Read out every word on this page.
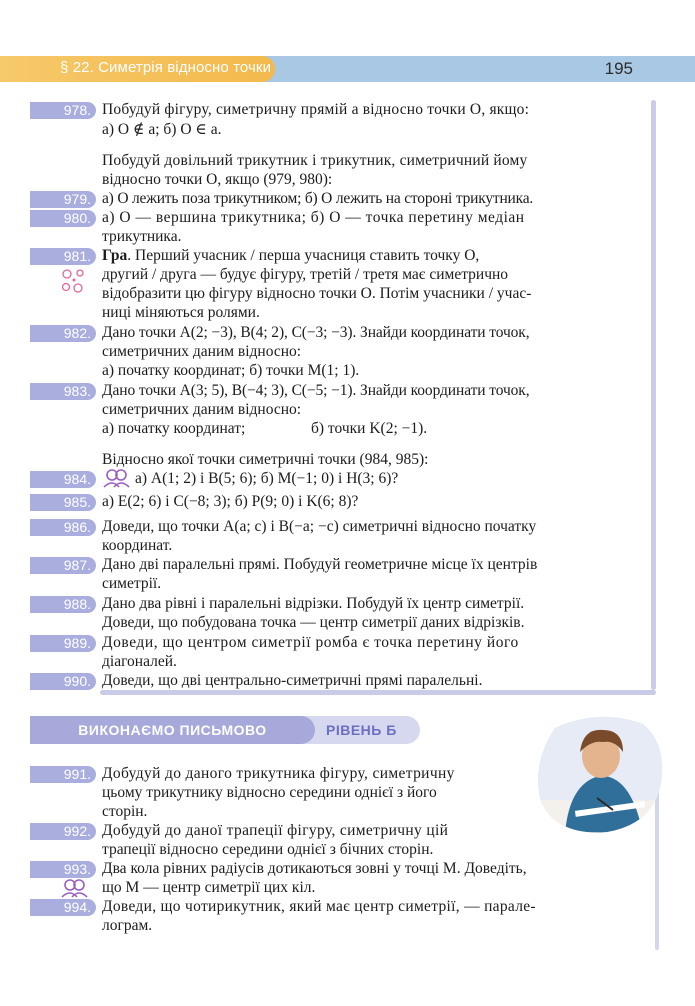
§ 22. Симетрія відносно точки	195
978. Побудуй фігуру, симетричну прямій a відносно точки O, якщо:
а) O ∉ a; б) O ∈ a.
Побудуй довільний трикутник і трикутник, симетричний йому
відносно точки O, якщо (979, 980):
979. а) O лежить поза трикутником; б) O лежить на стороні трикутника.
980. а) O — вершина трикутника; б) O — точка перетину медіан
трикутника.
981. Гра. Перший учасник / перша учасниця ставить точку O,
другий / друга — будує фігуру, третій / третя має симетрично
відобразити цю фігуру відносно точки O. Потім учасники / учас-
ниці міняються ролями.
982. Дано точки A(2; −3), B(4; 2), C(−3; −3). Знайди координати точок,
симетричних даним відносно:
а) початку координат; б) точки M(1; 1).
983. Дано точки A(3; 5), B(−4; 3), C(−5; −1). Знайди координати точок,
симетричних даним відносно:
а) початку координат;	б) точки K(2; −1).
Відносно якої точки симетричні точки (984, 985):
984.	а) A(1; 2) і B(5; 6); б) M(−1; 0) і H(3; 6)?
985. а) E(2; 6) і C(−8; 3); б) P(9; 0) і K(6; 8)?
986. Доведи, що точки A(a; c) і B(−a; −c) симетричні відносно початку
координат.
987. Дано дві паралельні прямі. Побудуй геометричне місце їх центрів
симетрії.
988. Дано два рівні і паралельні відрізки. Побудуй їх центр симетрії.
Доведи, що побудована точка — центр симетрії даних відрізків.
989. Доведи, що центром симетрії ромба є точка перетину його
діагоналей.
990. Доведи, що дві центрально-симетричні прямі паралельні.
ВИКОНАЄМО ПИСЬМОВО	РІВЕНЬ Б
991. Добудуй до даного трикутника фігуру, симетричну
цьому трикутнику відносно середини однієї з його
сторін.
992. Добудуй до даної трапеції фігуру, симетричну цій
трапеції відносно середини однієї з бічних сторін.
993. Два кола рівних радіусів дотикаються зовні у точці M. Доведіть,
що M — центр симетрії цих кіл.
994. Доведи, що чотирикутник, який має центр симетрії, — парале-
лограм.
